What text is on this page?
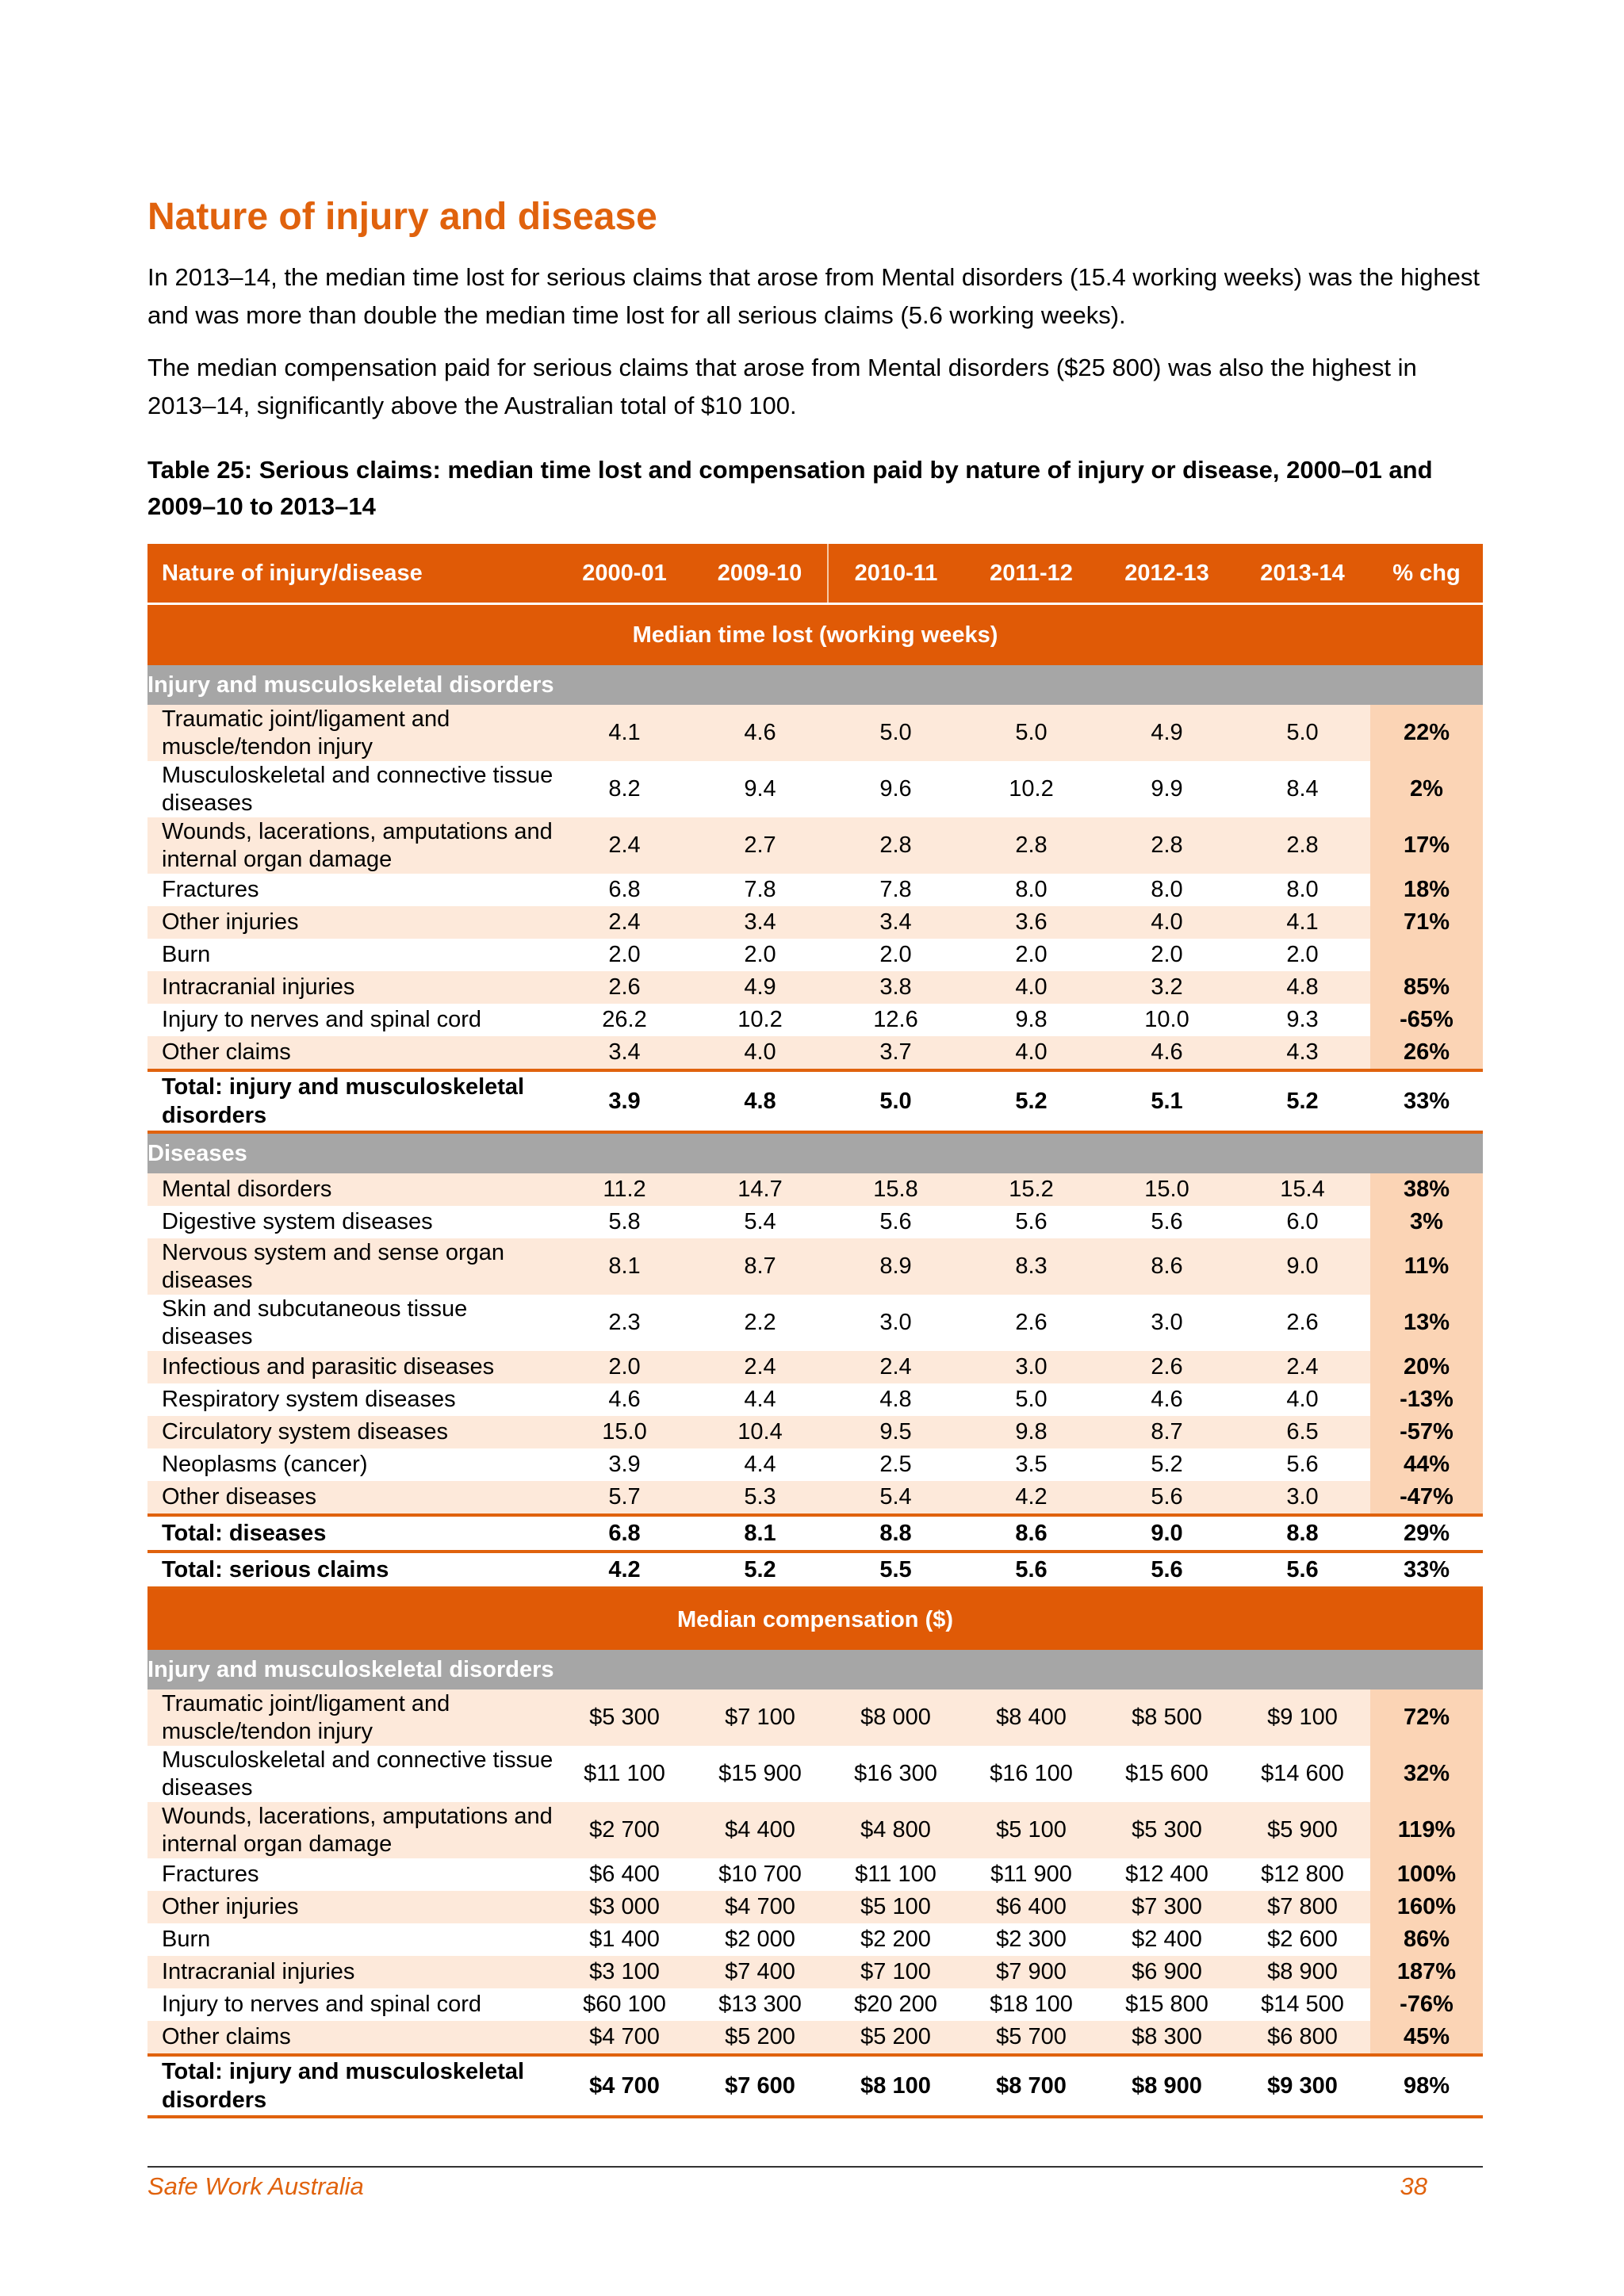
Nature of injury and disease

In 2013–14, the median time lost for serious claims that arose from Mental disorders (15.4 working weeks) was the highest and was more than double the median time lost for all serious claims (5.6 working weeks).

The median compensation paid for serious claims that arose from Mental disorders ($25 800) was also the highest in 2013–14, significantly above the Australian total of $10 100.

Table 25: Serious claims: median time lost and compensation paid by nature of injury or disease, 2000–01 and 2009–10 to 2013–14

Nature of injury/disease	2000-01	2009-10	2010-11	2011-12	2012-13	2013-14	% chg
Median time lost (working weeks)							
Injury and musculoskeletal disorders							
Traumatic joint/ligament and muscle/tendon injury	4.1	4.6	5.0	5.0	4.9	5.0	22%
Musculoskeletal and connective tissue diseases	8.2	9.4	9.6	10.2	9.9	8.4	2%
Wounds, lacerations, amputations and internal organ damage	2.4	2.7	2.8	2.8	2.8	2.8	17%
Fractures	6.8	7.8	7.8	8.0	8.0	8.0	18%
Other injuries	2.4	3.4	3.4	3.6	4.0	4.1	71%
Burn	2.0	2.0	2.0	2.0	2.0	2.0	
Intracranial injuries	2.6	4.9	3.8	4.0	3.2	4.8	85%
Injury to nerves and spinal cord	26.2	10.2	12.6	9.8	10.0	9.3	-65%
Other claims	3.4	4.0	3.7	4.0	4.6	4.3	26%
Total: injury and musculoskeletal disorders	3.9	4.8	5.0	5.2	5.1	5.2	33%
Diseases							
Mental disorders	11.2	14.7	15.8	15.2	15.0	15.4	38%
Digestive system diseases	5.8	5.4	5.6	5.6	5.6	6.0	3%
Nervous system and sense organ diseases	8.1	8.7	8.9	8.3	8.6	9.0	11%
Skin and subcutaneous tissue diseases	2.3	2.2	3.0	2.6	3.0	2.6	13%
Infectious and parasitic diseases	2.0	2.4	2.4	3.0	2.6	2.4	20%
Respiratory system diseases	4.6	4.4	4.8	5.0	4.6	4.0	-13%
Circulatory system diseases	15.0	10.4	9.5	9.8	8.7	6.5	-57%
Neoplasms (cancer)	3.9	4.4	2.5	3.5	5.2	5.6	44%
Other diseases	5.7	5.3	5.4	4.2	5.6	3.0	-47%
Total: diseases	6.8	8.1	8.8	8.6	9.0	8.8	29%
Total: serious claims	4.2	5.2	5.5	5.6	5.6	5.6	33%
Median compensation ($)							
Injury and musculoskeletal disorders							
Traumatic joint/ligament and muscle/tendon injury	$5 300	$7 100	$8 000	$8 400	$8 500	$9 100	72%
Musculoskeletal and connective tissue diseases	$11 100	$15 900	$16 300	$16 100	$15 600	$14 600	32%
Wounds, lacerations, amputations and internal organ damage	$2 700	$4 400	$4 800	$5 100	$5 300	$5 900	119%
Fractures	$6 400	$10 700	$11 100	$11 900	$12 400	$12 800	100%
Other injuries	$3 000	$4 700	$5 100	$6 400	$7 300	$7 800	160%
Burn	$1 400	$2 000	$2 200	$2 300	$2 400	$2 600	86%
Intracranial injuries	$3 100	$7 400	$7 100	$7 900	$6 900	$8 900	187%
Injury to nerves and spinal cord	$60 100	$13 300	$20 200	$18 100	$15 800	$14 500	-76%
Other claims	$4 700	$5 200	$5 200	$5 700	$8 300	$6 800	45%
Total: injury and musculoskeletal disorders	$4 700	$7 600	$8 100	$8 700	$8 900	$9 300	98%
Safe Work Australia	38
